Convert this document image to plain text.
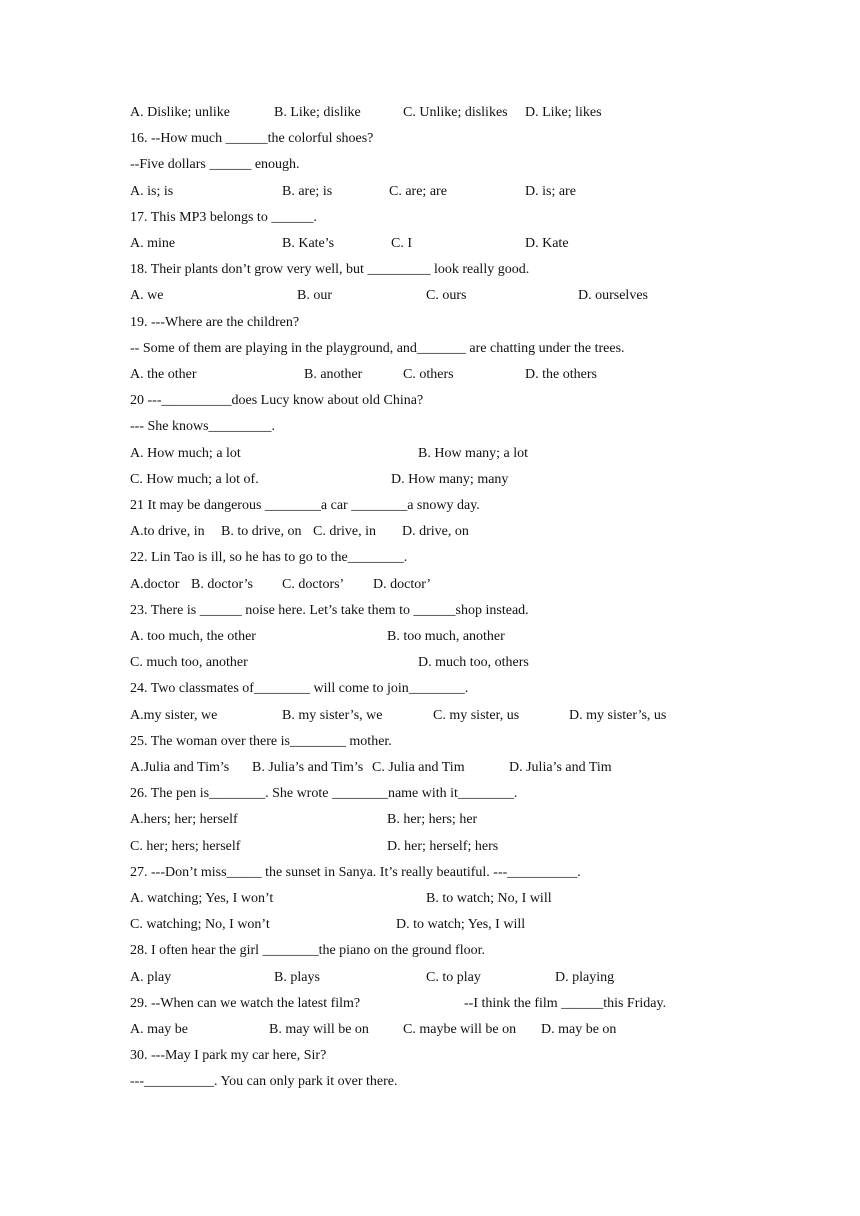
A. Dislike; unlike	B. Like; dislike	C. Unlike; dislikes D. Like; likes
16. --How much ______the colorful shoes?
--Five dollars ______ enough.
A. is; is	B. are; is	C. are; are	D. is; are
17. This MP3 belongs to ______.
A. mine	B. Kate’s	C. I	D. Kate
18. Their plants don’t grow very well, but _________ look really good.
A. we	B. our	C. ours	D. ourselves
19. ---Where are the children?
-- Some of them are playing in the playground, and_______ are chatting under the trees.
A. the other	B. another	C. others	D. the others
20 ---__________does Lucy know about old China?
--- She knows_________.
A. How much; a lot	B. How many; a lot
C. How much; a lot of.	D. How many; many
21 It may be dangerous ________a car ________a snowy day.
A.to drive, in B. to drive, on C. drive, in D. drive, on
22. Lin Tao is ill, so he has to go to the________.
A.doctor B. doctor’s C. doctors’ D. doctor’
23. There is ______ noise here. Let’s take them to ______shop instead.
A. too much, the other	B. too much, another
C. much too, another	D. much too, others
24. Two classmates of________ will come to join________.
A.my sister, we	B. my sister’s, we	C. my sister, us	D. my sister’s, us
25. The woman over there is________ mother.
A.Julia and Tim’s B. Julia’s and Tim’s C. Julia and Tim	D. Julia’s and Tim
26. The pen is________. She wrote ________name with it________.
A.hers; her; herself	B. her; hers; her
C. her; hers; herself	D. her; herself; hers
27. ---Don’t miss_____ the sunset in Sanya. It’s really beautiful. ---__________.
A. watching; Yes, I won’t	B. to watch; No, I will
C. watching; No, I won’t	D. to watch; Yes, I will
28. I often hear the girl ________the piano on the ground floor.
A. play	B. plays	C. to play	D. playing
29. --When can we watch the latest film?	--I think the film ______this Friday.
A. may be	B. may will be on C. maybe will be on D. may be on
30. ---May I park my car here, Sir?
---__________. You can only park it over there.
